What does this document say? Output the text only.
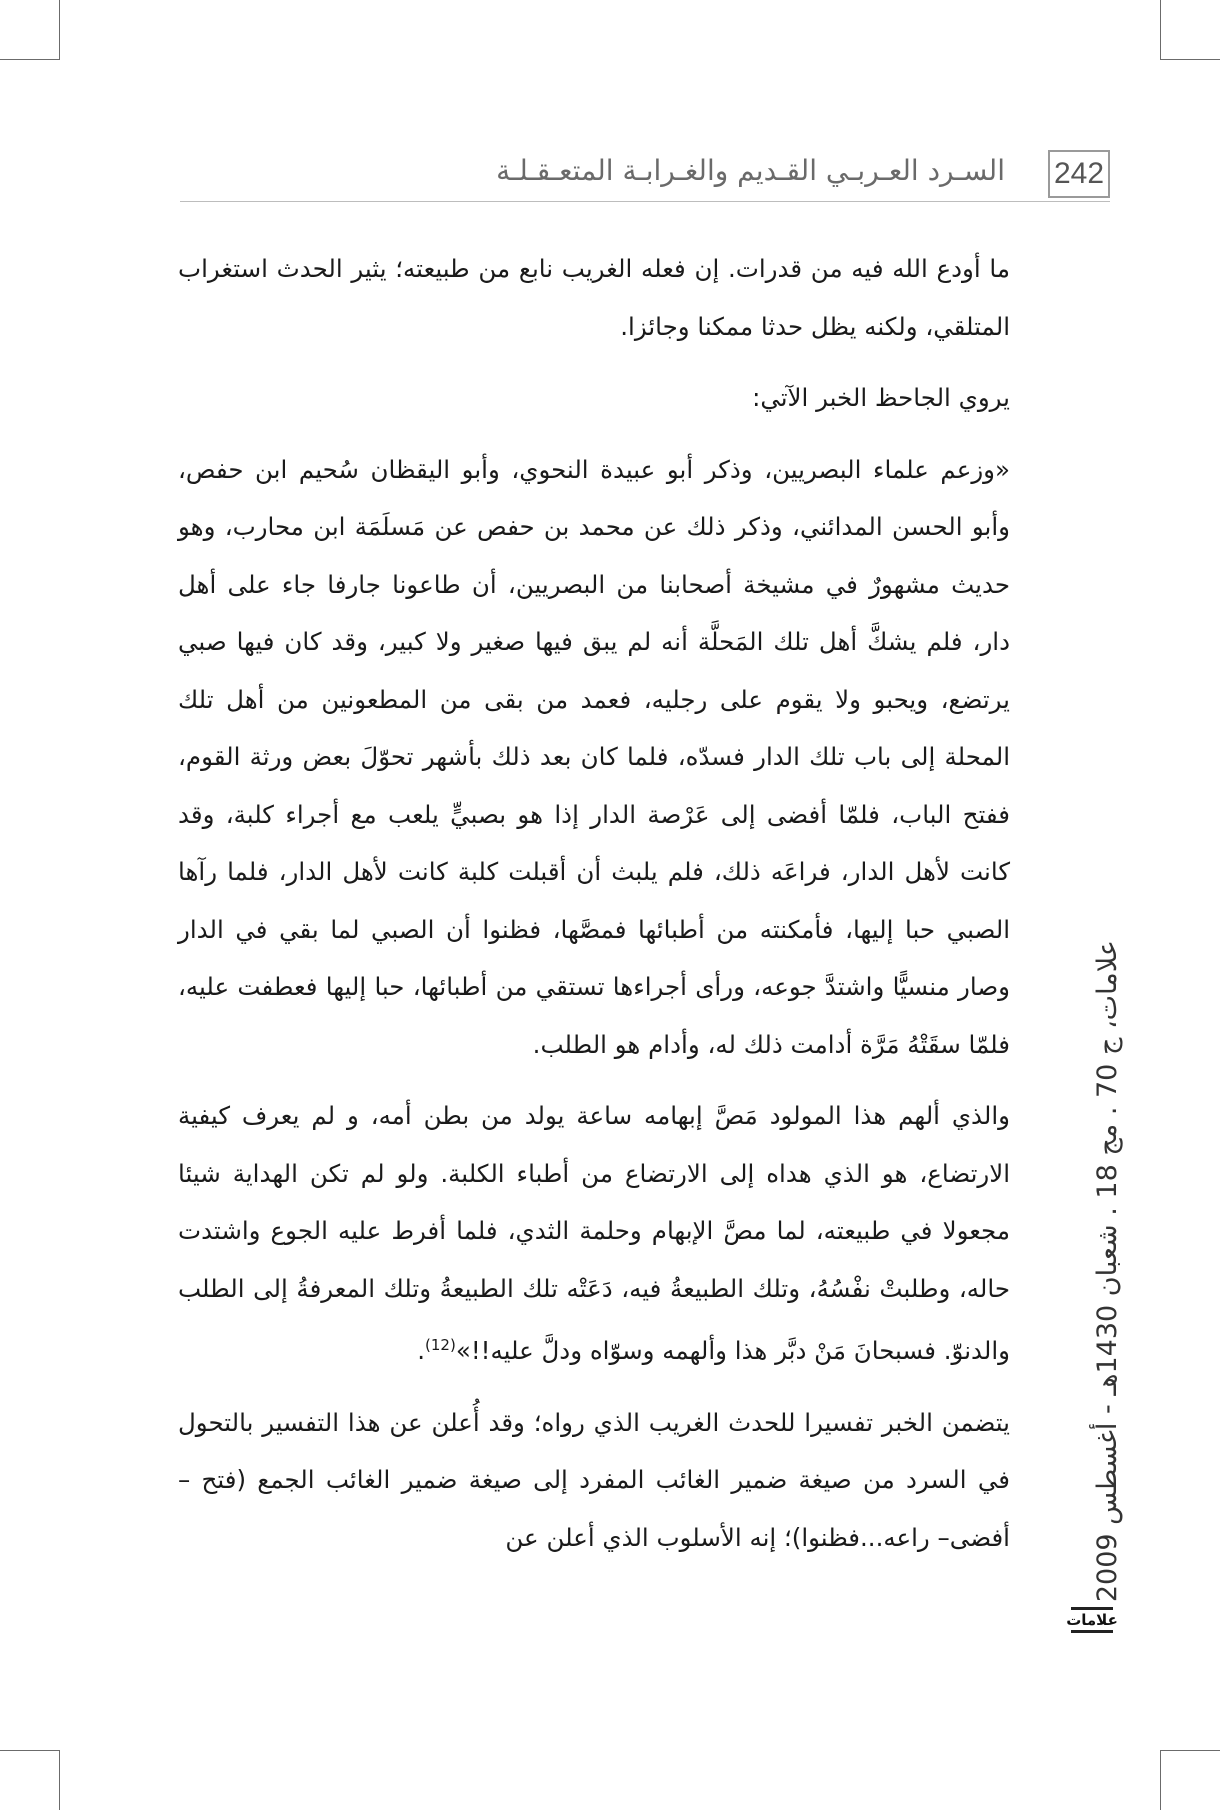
242
السـرد العـربـي القـديم والغـرابـة المتعـقـلـة

ما أودع الله فيه من قدرات. إن فعله الغريب نابع من طبيعته؛ يثير الحدث استغراب المتلقي، ولكنه يظل حدثا ممكنا وجائزا.

يروي الجاحظ الخبر الآتي:

«وزعم علماء البصريين، وذكر أبو عبيدة النحوي، وأبو اليقظان سُحيم ابن حفص، وأبو الحسن المدائني، وذكر ذلك عن محمد بن حفص عن مَسلَمَة ابن محارب، وهو حديث مشهورٌ في مشيخة أصحابنا من البصريين، أن طاعونا جارفا جاء على أهل دار، فلم يشكَّ أهل تلك المَحلَّة أنه لم يبق فيها صغير ولا كبير، وقد كان فيها صبي يرتضع، ويحبو ولا يقوم على رجليه، فعمد من بقى من المطعونين من أهل تلك المحلة إلى باب تلك الدار فسدّه، فلما كان بعد ذلك بأشهر تحوّلَ بعض ورثة القوم، ففتح الباب، فلمّا أفضى إلى عَرْصة الدار إذا هو بصبيٍّ يلعب مع أجراء كلبة، وقد كانت لأهل الدار، فراعَه ذلك، فلم يلبث أن أقبلت كلبة كانت لأهل الدار، فلما رآها الصبي حبا إليها، فأمكنته من أطبائها فمصَّها، فظنوا أن الصبي لما بقي في الدار وصار منسيًّا واشتدَّ جوعه، ورأى أجراءها تستقي من أطبائها، حبا إليها فعطفت عليه، فلمّا سقَتْهُ مَرَّة أدامت ذلك له، وأدام هو الطلب.

والذي ألهم هذا المولود مَصَّ إبهامه ساعة يولد من بطن أمه، و لم يعرف كيفية الارتضاع، هو الذي هداه إلى الارتضاع من أطباء الكلبة. ولو لم تكن الهداية شيئا مجعولا في طبيعته، لما مصَّ الإبهام وحلمة الثدي، فلما أفرط عليه الجوع واشتدت حاله، وطلبتْ نفْسُهُ، وتلك الطبيعةُ فيه، دَعَتْه تلك الطبيعةُ وتلك المعرفةُ إلى الطلب والدنوّ. فسبحانَ مَنْ دبَّر هذا وألهمه وسوّاه ودلَّ عليه!!»$^{(12)}$.

يتضمن الخبر تفسيرا للحدث الغريب الذي رواه؛ وقد أُعلن عن هذا التفسير بالتحول في السرد من صيغة ضمير الغائب المفرد إلى صيغة ضمير الغائب الجمع (فتح – أفضى– راعه...فظنوا)؛ إنه الأسلوب الذي أعلن عن	علامات، ج 70 . مج 18 . شعبان 1430هـ - أغسطس 2009
علامات
